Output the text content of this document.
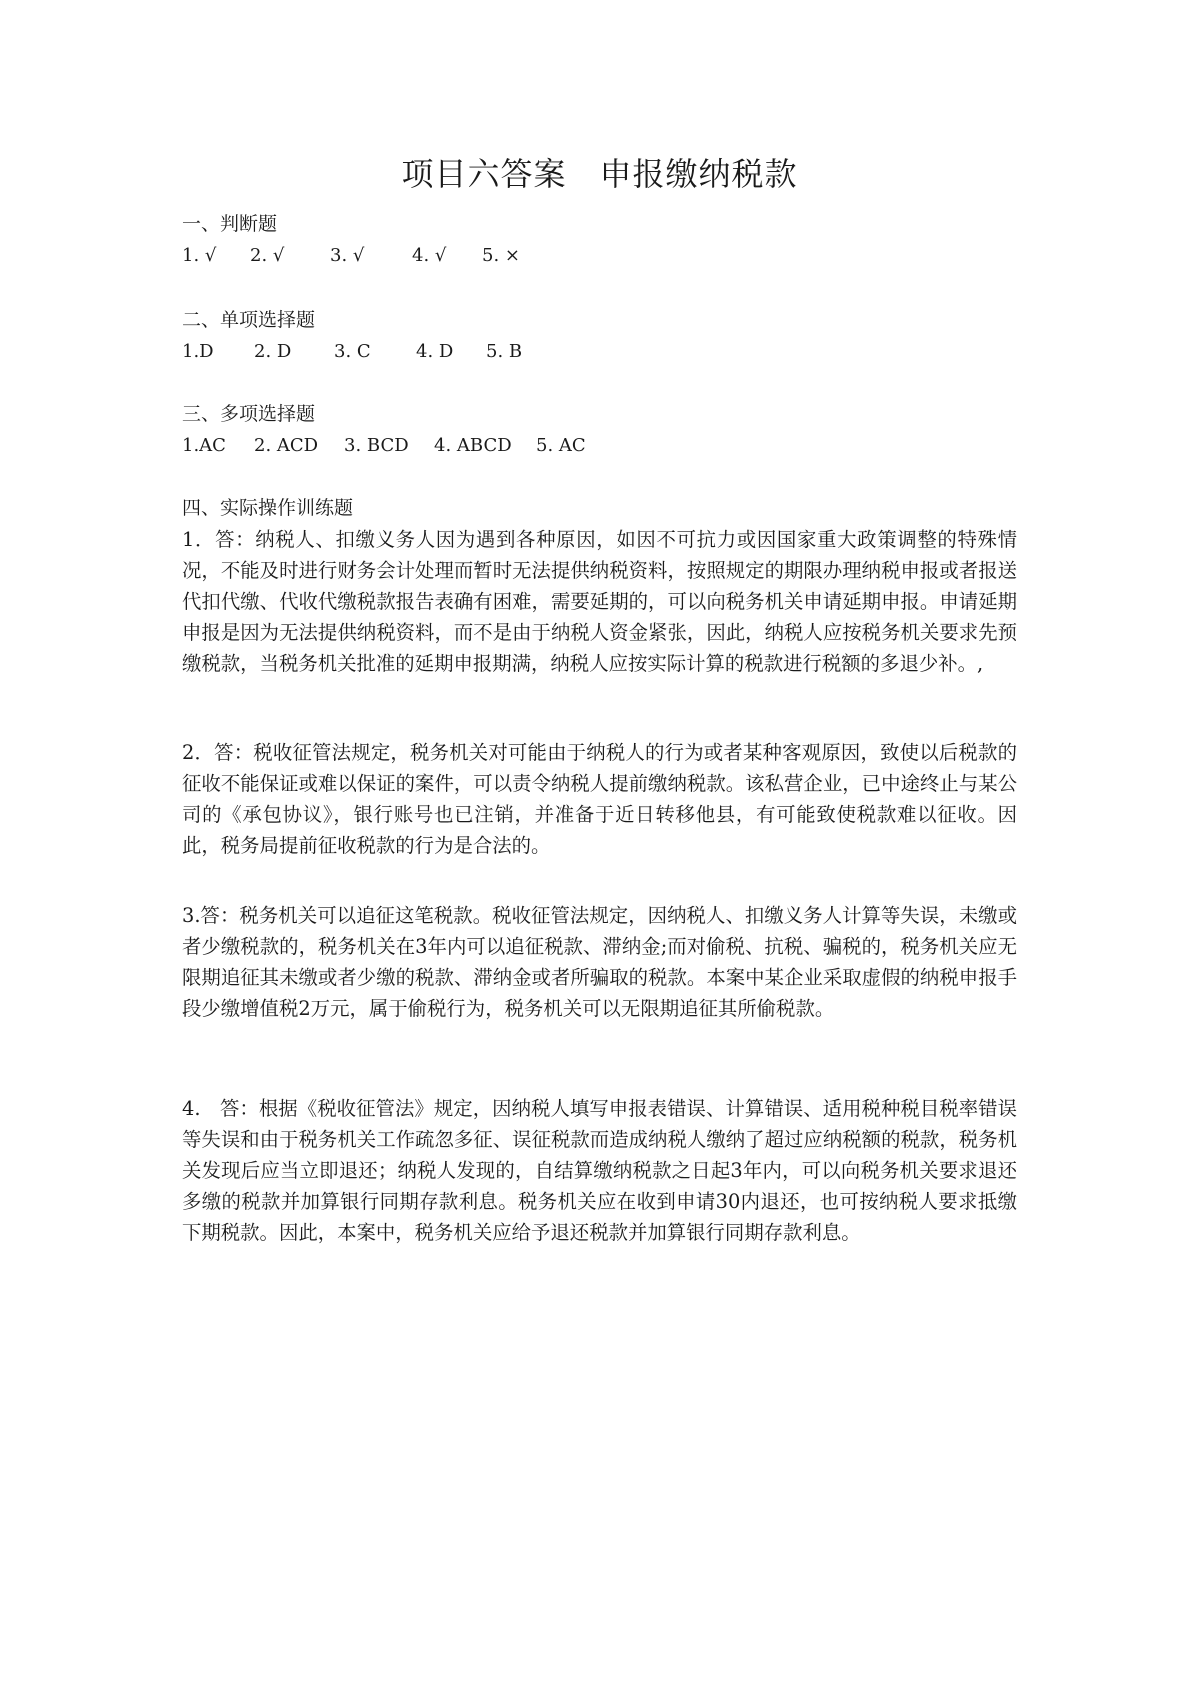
项目六答案　申报缴纳税款
一、判断题
1. √ 2. √	3. √	4. √ 5. ×
二、单项选择题
1.D 2. D 3. C	4. D 5. B
三、多项选择题
1.AC 2. ACD 3. BCD 4. ABCD 5. AC
四、实际操作训练题

1．答：纳税人、扣缴义务人因为遇到各种原因，如因不可抗力或因国家重大政策调整的特殊情况，不能及时进行财务会计处理而暂时无法提供纳税资料，按照规定的期限办理纳税申报或者报送代扣代缴、代收代缴税款报告表确有困难，需要延期的，可以向税务机关申请延期申报。申请延期申报是因为无法提供纳税资料，而不是由于纳税人资金紧张，因此，纳税人应按税务机关要求先预缴税款，当税务机关批准的延期申报期满，纳税人应按实际计算的税款进行税额的多退少补。,

2．答：税收征管法规定，税务机关对可能由于纳税人的行为或者某种客观原因，致使以后税款的征收不能保证或难以保证的案件，可以责令纳税人提前缴纳税款。该私营企业，已中途终止与某公司的《承包协议》，银行账号也已注销，并准备于近日转移他县，有可能致使税款难以征收。因此，税务局提前征收税款的行为是合法的。

3.答：税务机关可以追征这笔税款。税收征管法规定，因纳税人、扣缴义务人计算等失误，未缴或者少缴税款的，税务机关在3年内可以追征税款、滞纳金;而对偷税、抗税、骗税的，税务机关应无限期追征其未缴或者少缴的税款、滞纳金或者所骗取的税款。本案中某企业采取虚假的纳税申报手段少缴增值税2万元，属于偷税行为，税务机关可以无限期追征其所偷税款。

4.　答：根据《税收征管法》规定，因纳税人填写申报表错误、计算错误、适用税种税目税率错误等失误和由于税务机关工作疏忽多征、误征税款而造成纳税人缴纳了超过应纳税额的税款，税务机关发现后应当立即退还；纳税人发现的，自结算缴纳税款之日起3年内，可以向税务机关要求退还多缴的税款并加算银行同期存款利息。税务机关应在收到申请30内退还，也可按纳税人要求抵缴下期税款。因此，本案中，税务机关应给予退还税款并加算银行同期存款利息。
